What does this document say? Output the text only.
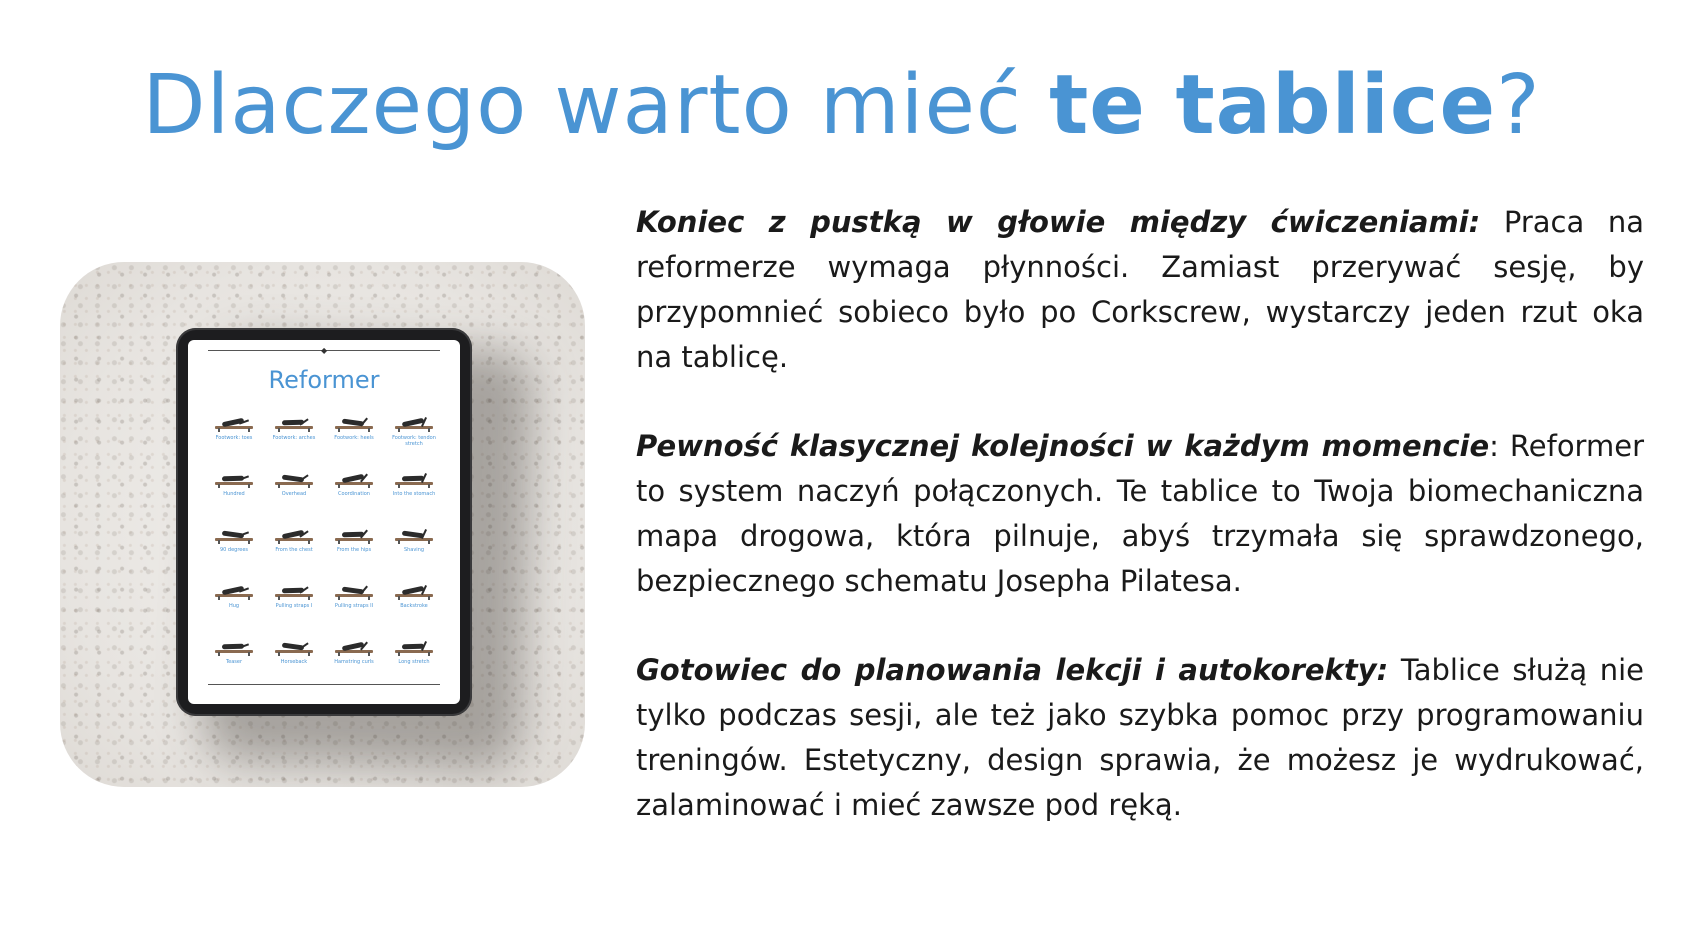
Dlaczego warto mieć te tablice?
◆
Reformer
Footwork: toes	Footwork: arches	Footwork: heels	Footwork: tendon stretch
Hundred	Overhead	Coordination	Into the stomach
90 degrees	From the chest	From the hips	Shaving
Hug	Pulling straps I	Pulling straps II	Backstroke
Teaser	Horseback	Hamstring curls	Long stretch

Koniec z pustką w głowie między ćwiczeniami: Praca na reformerze wymaga płynności. Zamiast przerywać sesję, by przypomnieć sobieco było po Corkscrew, wystarczy jeden rzut oka na tablicę.

Pewność klasycznej kolejności w każdym momencie: Reformer to system naczyń połączonych. Te tablice to Twoja biomechaniczna mapa drogowa, która pilnuje, abyś trzymała się sprawdzonego, bezpiecznego schematu Josepha Pilatesa.

Gotowiec do planowania lekcji i autokorekty: Tablice służą nie tylko podczas sesji, ale też jako szybka pomoc przy programowaniu treningów. Estetyczny, design sprawia, że możesz je wydrukować, zalaminować i mieć zawsze pod ręką.
